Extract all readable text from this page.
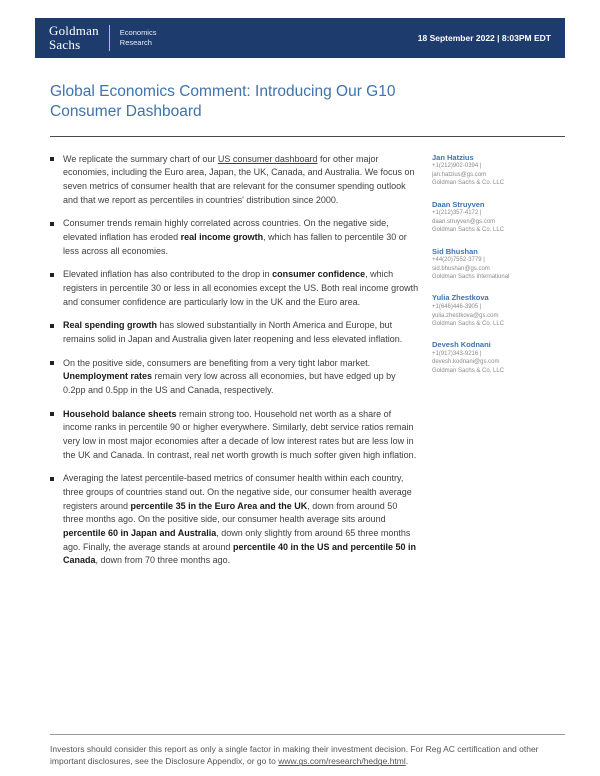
Goldman
Sachs
Economics
Research	18 September 2022 | 8:03PM EDT
Global Economics Comment: Introducing Our G10 Consumer Dashboard
We replicate the summary chart of our US consumer dashboard for other major economies, including the Euro area, Japan, the UK, Canada, and Australia. We focus on seven metrics of consumer health that are relevant for the consumer spending outlook and that we report as percentiles in countries' distribution since 2000.
Consumer trends remain highly correlated across countries. On the negative side, elevated inflation has eroded real income growth, which has fallen to percentile 30 or less across all economies.
Elevated inflation has also contributed to the drop in consumer confidence, which registers in percentile 30 or less in all economies except the US. Both real income growth and consumer confidence are particularly low in the UK and the Euro area.
Real spending growth has slowed substantially in North America and Europe, but remains solid in Japan and Australia given later reopening and less elevated inflation.
On the positive side, consumers are benefiting from a very tight labor market. Unemployment rates remain very low across all economies, but have edged up by 0.2pp and 0.5pp in the US and Canada, respectively.
Household balance sheets remain strong too. Household net worth as a share of income ranks in percentile 90 or higher everywhere. Similarly, debt service ratios remain very low in most major economies after a decade of low interest rates but are less low in the UK and Canada. In contrast, real net worth growth is much softer given high inflation.
Averaging the latest percentile-based metrics of consumer health within each country, three groups of countries stand out. On the negative side, our consumer health average registers around percentile 35 in the Euro Area and the UK, down from around 50 three months ago. On the positive side, our consumer health average sits around percentile 60 in Japan and Australia, down only slightly from around 65 three months ago. Finally, the average stands at around percentile 40 in the US and percentile 50 in Canada, down from 70 three months ago.
Jan Hatzius
+1(212)902-0394 |
jan.hatzius@gs.com
Goldman Sachs & Co. LLC
Daan Struyven
+1(212)357-4172 |
daan.struyven@gs.com
Goldman Sachs & Co. LLC
Sid Bhushan
+44(20)7552-3779 |
sid.bhushan@gs.com
Goldman Sachs International
Yulia Zhestkova
+1(646)446-3905 |
yulia.zhestkova@gs.com
Goldman Sachs & Co. LLC
Devesh Kodnani
+1(917)343-9216 |
devesh.kodnani@gs.com
Goldman Sachs & Co. LLC
Investors should consider this report as only a single factor in making their investment decision. For Reg AC certification and other important disclosures, see the Disclosure Appendix, or go to www.gs.com/research/hedge.html.
